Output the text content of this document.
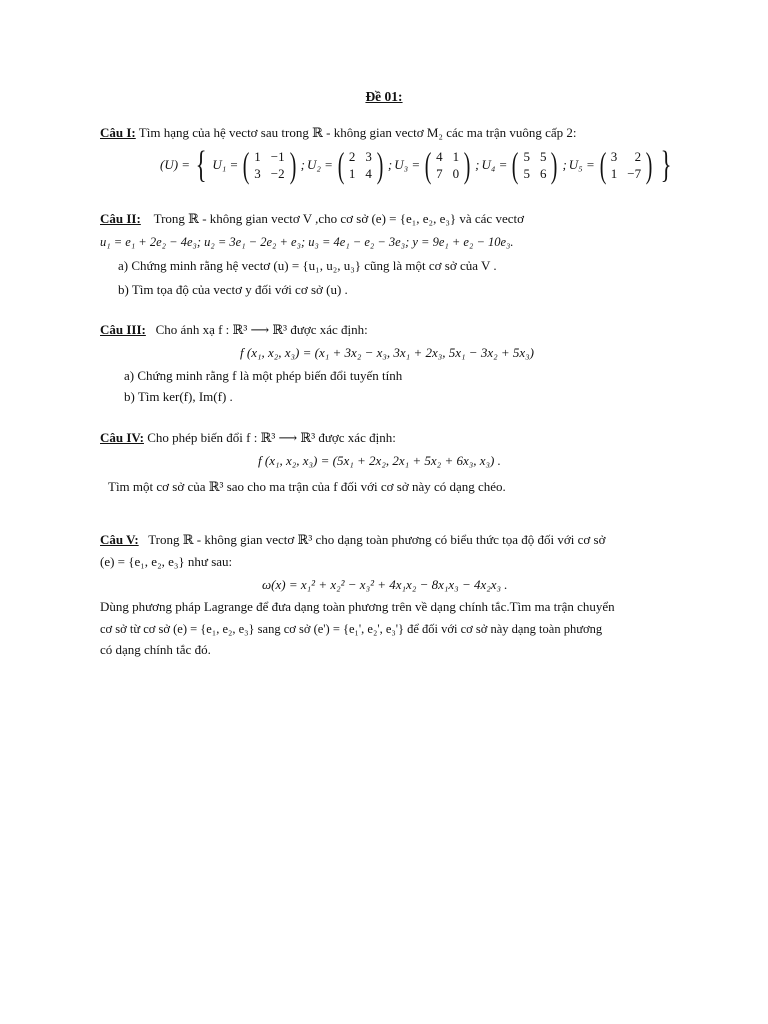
Đề 01:
Câu I: Tìm hạng của hệ vectơ sau trong ℝ - không gian vectơ M₂ các ma trận vuông cấp 2:
(U) = { U₁ = ( 1 −1
3 −2 ) ; U₂ = ( 2 3
1 4 ) ; U₃ = ( 4 1
7 0 ) ; U₄ = ( 5 5
5 6 ) ; U₅ = ( 3	2
1 −7 ) }
Câu II: Trong ℝ - không gian vectơ V ,cho cơ sở (e) = {e₁, e₂, e₃} và các vectơ
u₁ = e₁ + 2e₂ − 4e₃; u₂ = 3e₁ − 2e₂ + e₃; u₃ = 4e₁ − e₂ − 3e₃; y = 9e₁ + e₂ − 10e₃.
a) Chứng minh rằng hệ vectơ (u) = {u₁, u₂, u₃} cũng là một cơ sở của V .
b) Tìm tọa độ của vectơ y đối với cơ sở (u) .
Câu III: Cho ánh xạ f : ℝ³ ⟶ ℝ³ được xác định:
f (x₁, x₂, x₃) = (x₁ + 3x₂ − x₃, 3x₁ + 2x₃, 5x₁ − 3x₂ + 5x₃)
a) Chứng minh rằng f là một phép biến đổi tuyến tính
b) Tìm ker(f), Im(f) .
Câu IV: Cho phép biến đổi f : ℝ³ ⟶ ℝ³ được xác định:
f (x₁, x₂, x₃) = (5x₁ + 2x₂, 2x₁ + 5x₂ + 6x₃, x₃) .
Tìm một cơ sở của ℝ³ sao cho ma trận của f đối với cơ sở này có dạng chéo.
Câu V: Trong ℝ - không gian vectơ ℝ³ cho dạng toàn phương có biểu thức tọa độ đối với cơ sở
(e) = {e₁, e₂, e₃} như sau:
ω(x) = x₁² + x₂² − x₃² + 4x₁x₂ − 8x₁x₃ − 4x₂x₃ .
Dùng phương pháp Lagrange để đưa dạng toàn phương trên về dạng chính tắc.Tìm ma trận chuyển
cơ sở từ cơ sở (e) = {e₁, e₂, e₃} sang cơ sở (e') = {e₁', e₂', e₃'} để đối với cơ sở này dạng toàn phương
có dạng chính tắc đó.
